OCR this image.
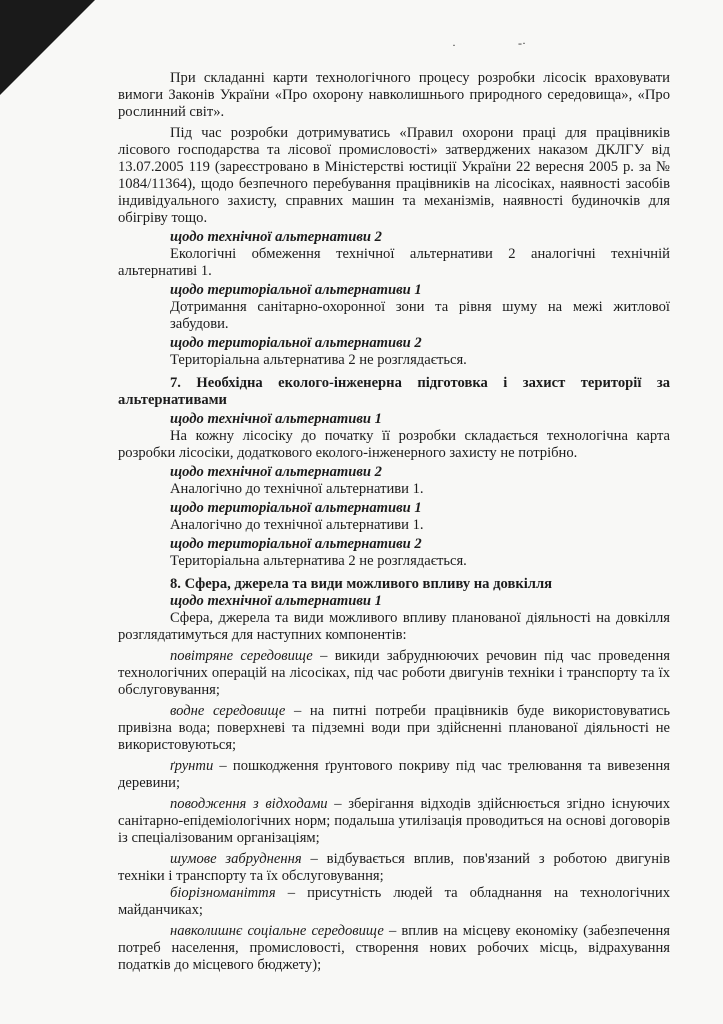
·	-·

При складанні карти технологічного процесу розробки лісосік враховувати вимоги Законів України «Про охорону навколишнього природного середовища», «Про рослинний світ».

Під час розробки дотримуватись «Правил охорони праці для працівників лісового господарства та лісової промисловості» затверджених наказом ДКЛГУ від 13.07.2005 119 (зареєстровано в Міністерстві юстиції України 22 вересня 2005 р. за № 1084/11364), щодо безпечного перебування працівників на лісосіках, наявності засобів індивідуального захисту, справних машин та механізмів, наявності будиночків для обігріву тощо.

щодо технічної альтернативи 2

Екологічні обмеження технічної альтернативи 2 аналогічні технічній альтернативі 1.

щодо територіальної альтернативи 1

Дотримання санітарно-охоронної зони та рівня шуму на межі житлової забудови.

щодо територіальної альтернативи 2

Територіальна альтернатива 2 не розглядається.

7. Необхідна еколого-інженерна підготовка і захист території за альтернативами

щодо технічної альтернативи 1

На кожну лісосіку до початку її розробки складається технологічна карта розробки лісосіки, додаткового еколого-інженерного захисту не потрібно.

щодо технічної альтернативи 2

Аналогічно до технічної альтернативи 1.

щодо територіальної альтернативи 1

Аналогічно до технічної альтернативи 1.

щодо територіальної альтернативи 2

Територіальна альтернатива 2 не розглядається.

8. Сфера, джерела та види можливого впливу на довкілля

щодо технічної альтернативи 1

Сфера, джерела та види можливого впливу планованої діяльності на довкілля розглядатимуться для наступних компонентів:

повітряне середовище – викиди забруднюючих речовин під час проведення технологічних операцій на лісосіках, під час роботи двигунів техніки і транспорту та їх обслуговування;

водне середовище – на питні потреби працівників буде використовуватись привізна вода; поверхневі та підземні води при здійсненні планованої діяльності не використовуються;

ґрунти – пошкодження ґрунтового покриву під час трелювання та вивезення деревини;

поводження з відходами – зберігання відходів здійснюється згідно існуючих санітарно-епідеміологічних норм; подальша утилізація проводиться на основі договорів із спеціалізованим організаціям;

шумове забруднення – відбувається вплив, пов'язаний з роботою двигунів техніки і транспорту та їх обслуговування;

біорізноманіття – присутність людей та обладнання на технологічних майданчиках;

навколишнє соціальне середовище – вплив на місцеву економіку (забезпечення потреб населення, промисловості, створення нових робочих місць, відрахування податків до місцевого бюджету);
